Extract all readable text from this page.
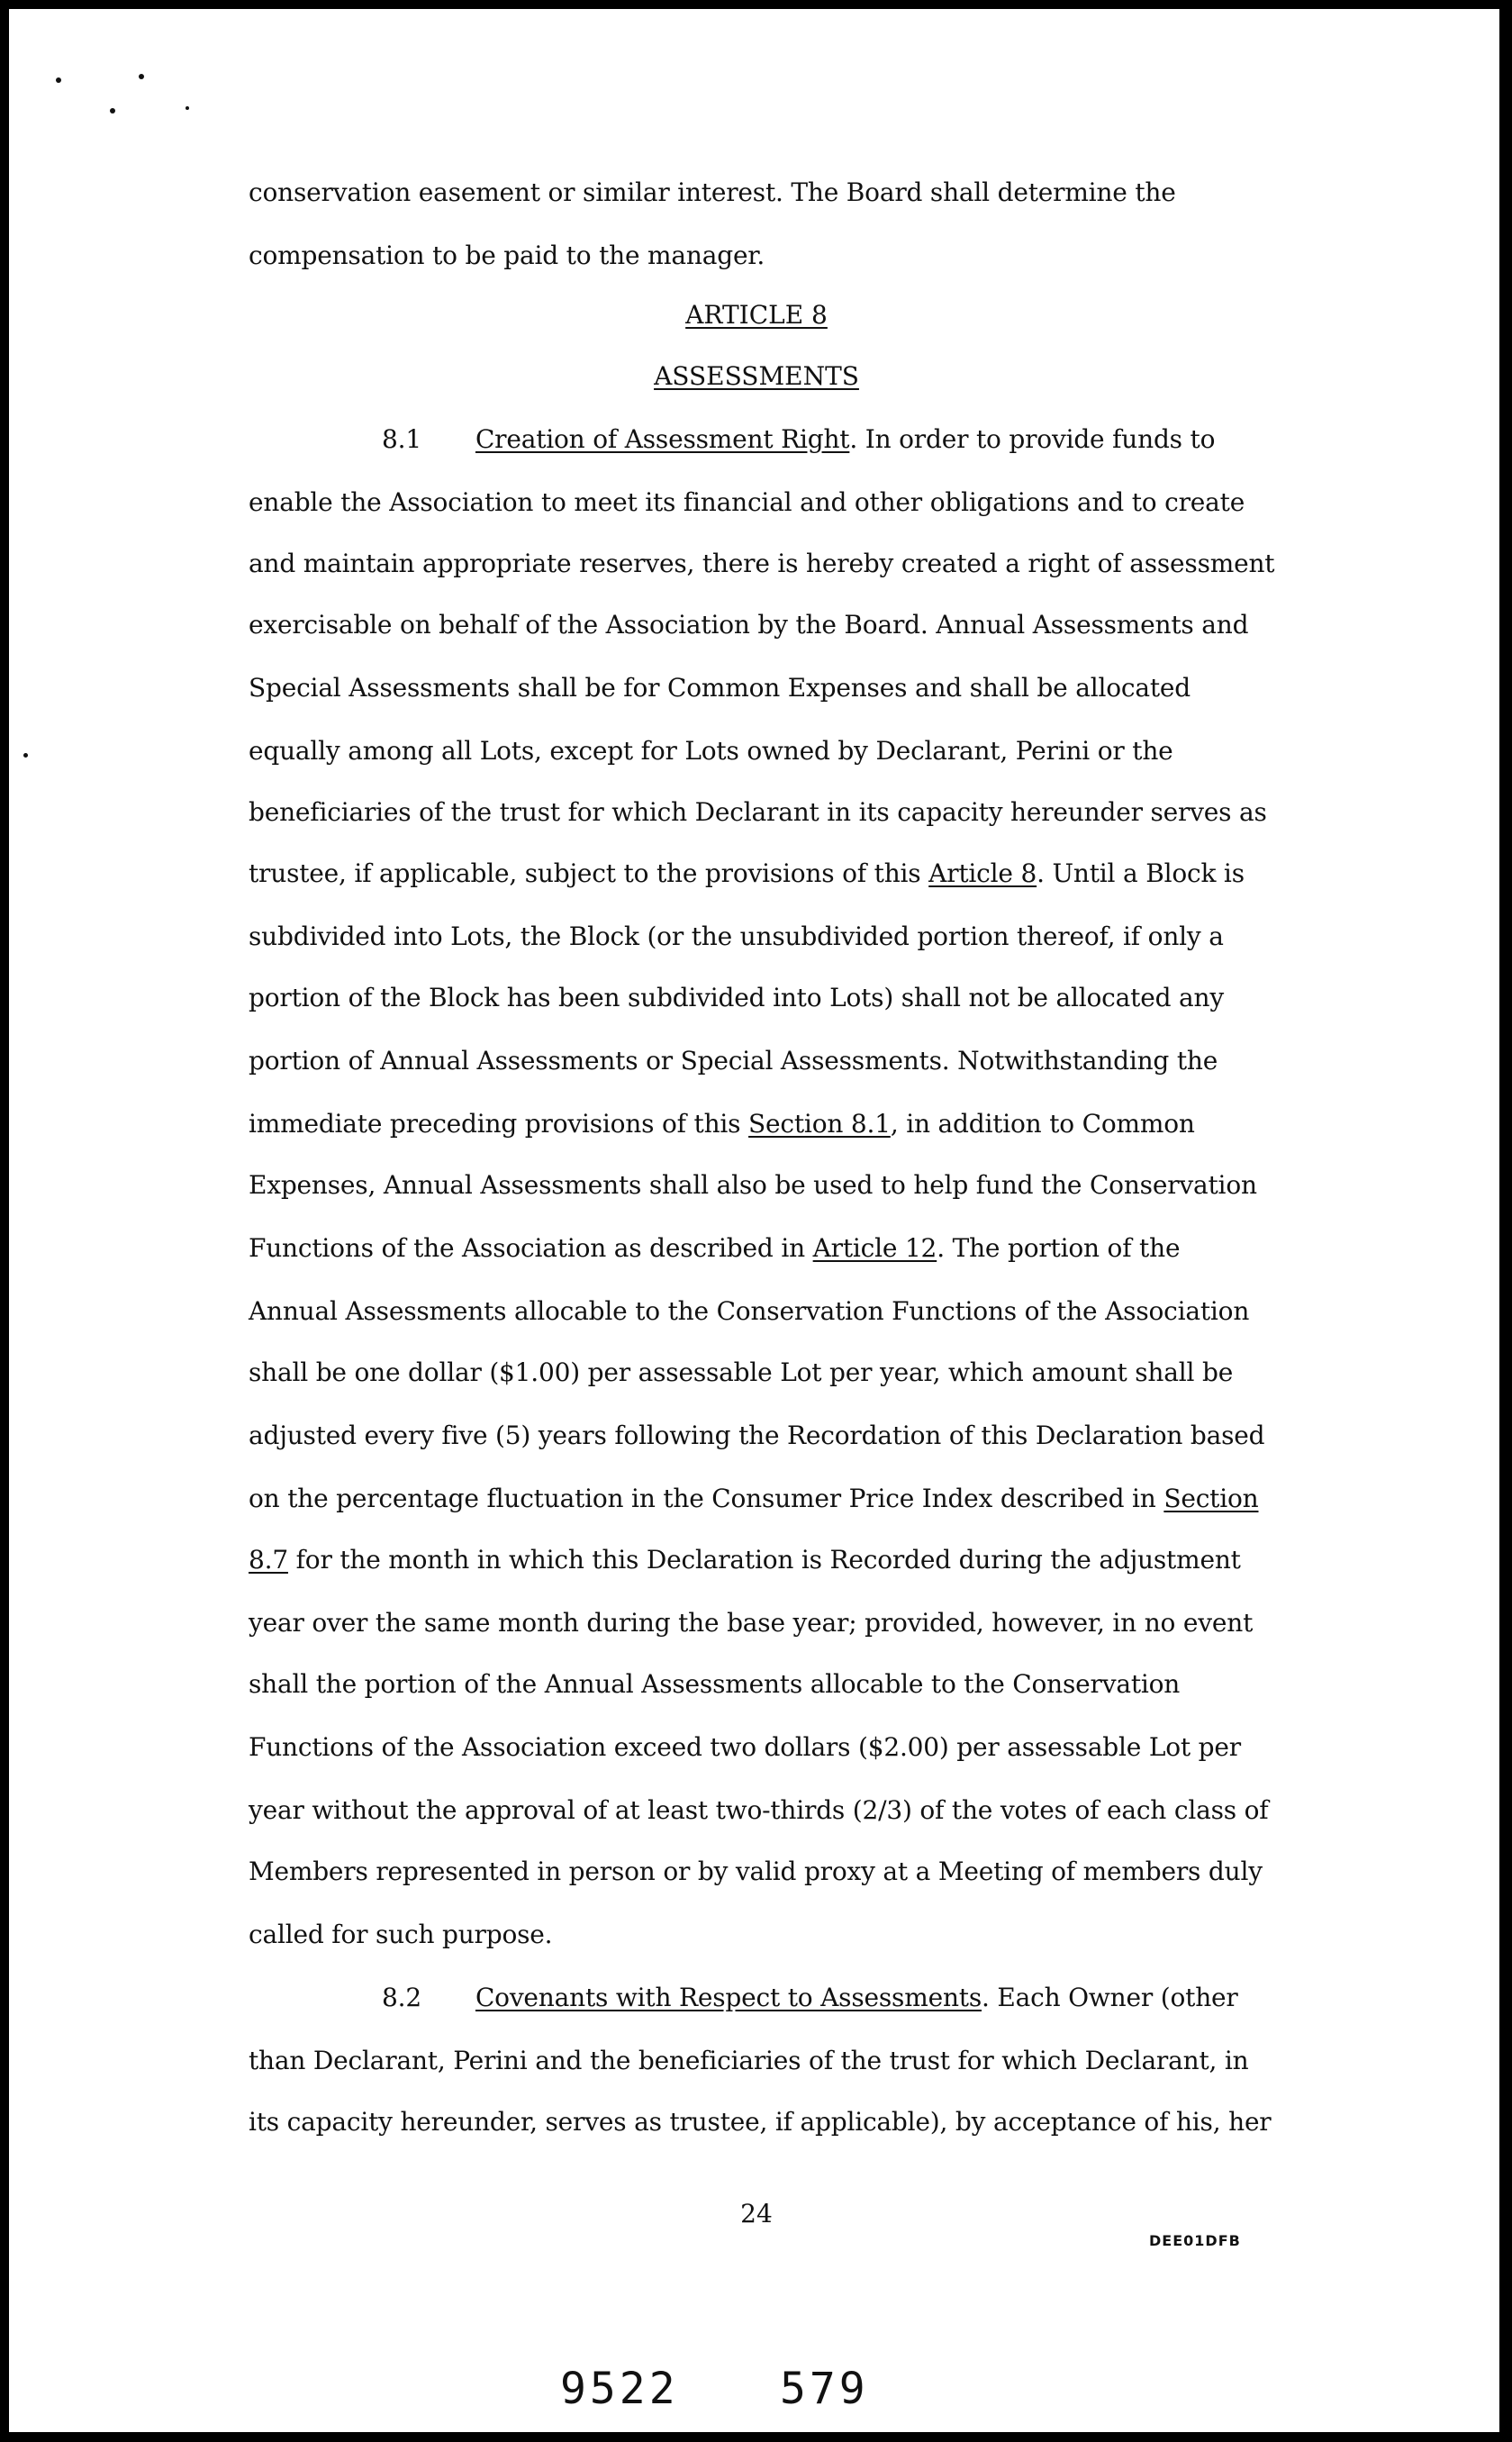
conservation easement or similar interest. The Board shall determine the
compensation to be paid to the manager.
ARTICLE 8
ASSESSMENTS
8.1 Creation of Assessment Right. In order to provide funds to
enable the Association to meet its financial and other obligations and to create
and maintain appropriate reserves, there is hereby created a right of assessment
exercisable on behalf of the Association by the Board. Annual Assessments and
Special Assessments shall be for Common Expenses and shall be allocated
equally among all Lots, except for Lots owned by Declarant, Perini or the
beneficiaries of the trust for which Declarant in its capacity hereunder serves as
trustee, if applicable, subject to the provisions of this Article 8. Until a Block is
subdivided into Lots, the Block (or the unsubdivided portion thereof, if only a
portion of the Block has been subdivided into Lots) shall not be allocated any
portion of Annual Assessments or Special Assessments. Notwithstanding the
immediate preceding provisions of this Section 8.1, in addition to Common
Expenses, Annual Assessments shall also be used to help fund the Conservation
Functions of the Association as described in Article 12. The portion of the
Annual Assessments allocable to the Conservation Functions of the Association
shall be one dollar ($1.00) per assessable Lot per year, which amount shall be
adjusted every five (5) years following the Recordation of this Declaration based
on the percentage fluctuation in the Consumer Price Index described in Section
8.7 for the month in which this Declaration is Recorded during the adjustment
year over the same month during the base year; provided, however, in no event
shall the portion of the Annual Assessments allocable to the Conservation
Functions of the Association exceed two dollars ($2.00) per assessable Lot per
year without the approval of at least two-thirds (2/3) of the votes of each class of
Members represented in person or by valid proxy at a Meeting of members duly
called for such purpose.
8.2 Covenants with Respect to Assessments. Each Owner (other
than Declarant, Perini and the beneficiaries of the trust for which Declarant, in
its capacity hereunder, serves as trustee, if applicable), by acceptance of his, her
24
DEE01DFB
9522 579
